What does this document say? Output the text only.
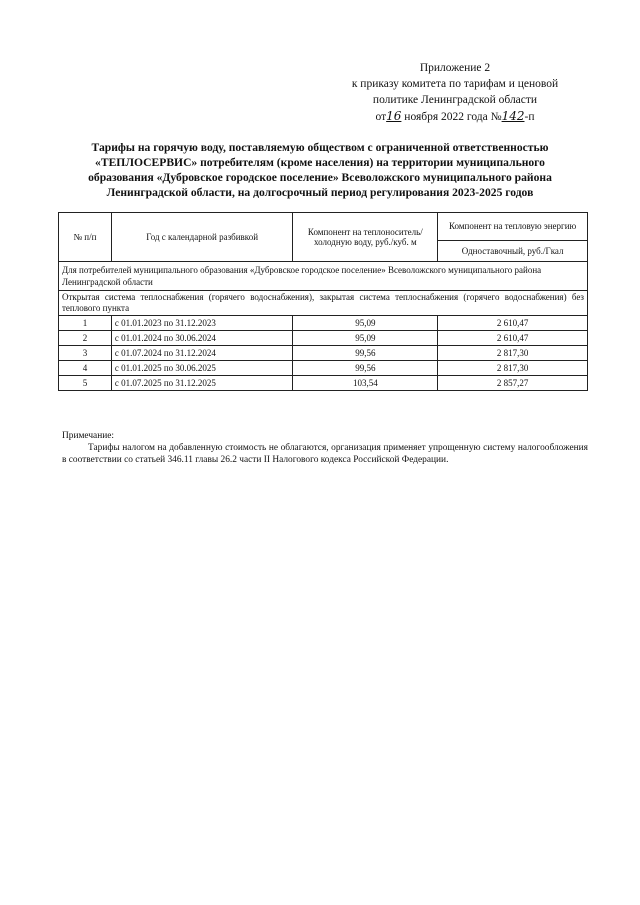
Приложение 2
к приказу комитета по тарифам и ценовой
политике Ленинградской области
от16 ноября 2022 года №142-п
Тарифы на горячую воду, поставляемую обществом с ограниченной ответственностью
«ТЕПЛОСЕРВИС» потребителям (кроме населения) на территории муниципального
образования «Дубровское городское поселение» Всеволожского муниципального района
Ленинградской области, на долгосрочный период регулирования 2023-2025 годов
№ п/п	Год с календарной разбивкой	Компонент на теплоноситель/ холодную воду, руб./куб. м	Компонент на тепловую энергию
			Одноставочный, руб./Гкал
Для потребителей муниципального образования «Дубровское городское поселение» Всеволожского муниципального района Ленинградской области			
Открытая система теплоснабжения (горячего водоснабжения), закрытая система теплоснабжения (горячего водоснабжения) без теплового пункта			
1	с 01.01.2023 по 31.12.2023	95,09	2 610,47
2	с 01.01.2024 по 30.06.2024	95,09	2 610,47
3	с 01.07.2024 по 31.12.2024	99,56	2 817,30
4	с 01.01.2025 по 30.06.2025	99,56	2 817,30
5	с 01.07.2025 по 31.12.2025	103,54	2 857,27
Примечание:
Тарифы налогом на добавленную стоимость не облагаются, организация применяет упрощенную систему налогообложения в соответствии со статьей 346.11 главы 26.2 части II Налогового кодекса Российской Федерации.
